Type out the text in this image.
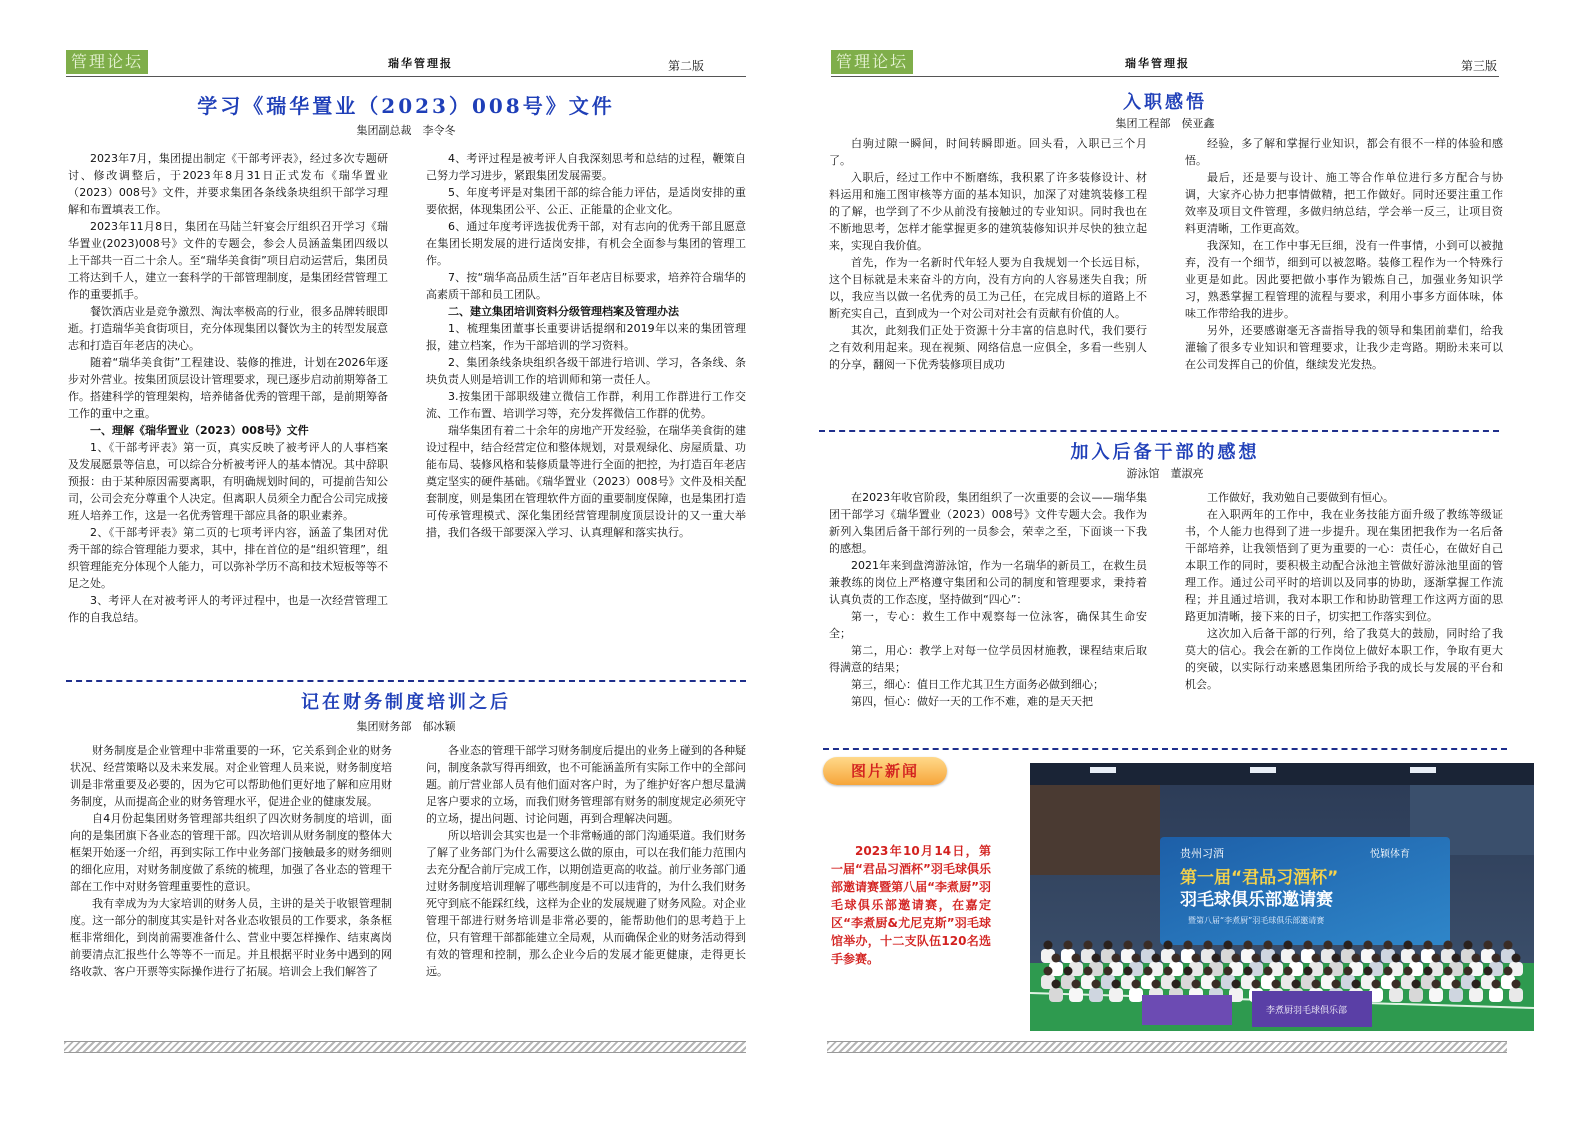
管理论坛	瑞华管理报	第二版
学习《瑞华置业（2023）008号》文件
集团副总裁　李令冬

2023年7月，集团提出制定《干部考评表》，经过多次专题研讨、修改调整后，于2023年8月31日正式发布《瑞华置业（2023）008号》文件，并要求集团各条线条块组织干部学习理解和布置填表工作。

2023年11月8日，集团在马陆兰轩宴会厅组织召开学习《瑞华置业(2023)008号》文件的专题会，参会人员涵盖集团四级以上干部共一百二十余人。至“瑞华美食街”项目启动运营后，集团员工将达到千人，建立一套科学的干部管理制度，是集团经营管理工作的重要抓手。

餐饮酒店业是竞争激烈、淘汰率极高的行业，很多品牌转眼即逝。打造瑞华美食街项目，充分体现集团以餐饮为主的转型发展意志和打造百年老店的决心。

随着“瑞华美食街”工程建设、装修的推进，计划在2026年逐步对外营业。按集团顶层设计管理要求，现已逐步启动前期筹备工作。搭建科学的管理架构，培养储备优秀的管理干部，是前期筹备工作的重中之重。

一、理解《瑞华置业（2023）008号》文件

1、《干部考评表》第一页，真实反映了被考评人的人事档案及发展愿景等信息，可以综合分析被考评人的基本情况。其中辞职预报：由于某种原因需要离职，有明确规划时间的，可提前告知公司，公司会充分尊重个人决定。但离职人员须全力配合公司完成接班人培养工作，这是一名优秀管理干部应具备的职业素养。

2、《干部考评表》第二页的七项考评内容，涵盖了集团对优秀干部的综合管理能力要求，其中，排在首位的是“组织管理”，组织管理能充分体现个人能力，可以弥补学历不高和技术短板等等不足之处。

3、考评人在对被考评人的考评过程中，也是一次经营管理工作的自我总结。

4、考评过程是被考评人自我深刻思考和总结的过程，鞭策自己努力学习进步，紧跟集团发展需要。

5、年度考评是对集团干部的综合能力评估，是适岗安排的重要依据，体现集团公平、公正、正能量的企业文化。

6、通过年度考评选拔优秀干部，对有志向的优秀干部且愿意在集团长期发展的进行适岗安排，有机会全面参与集团的管理工作。

7、按“瑞华高品质生活”百年老店目标要求，培养符合瑞华的高素质干部和员工团队。

二、建立集团培训资料分级管理档案及管理办法

1、梳理集团董事长重要讲话提纲和2019年以来的集团管理报，建立档案，作为干部培训的学习资料。

2、集团条线条块组织各级干部进行培训、学习，各条线、条块负责人则是培训工作的培训师和第一责任人。

3.按集团干部职级建立微信工作群，利用工作群进行工作交流、工作布置、培训学习等，充分发挥微信工作群的优势。

瑞华集团有着二十余年的房地产开发经验，在瑞华美食街的建设过程中，结合经营定位和整体规划，对景观绿化、房屋质量、功能布局、装修风格和装修质量等进行全面的把控，为打造百年老店奠定坚实的硬件基础。《瑞华置业（2023）008号》文件及相关配套制度，则是集团在管理软件方面的重要制度保障，也是集团打造可传承管理模式、深化集团经营管理制度顶层设计的又一重大举措，我们各级干部要深入学习、认真理解和落实执行。

记在财务制度培训之后
集团财务部　郁冰颖

财务制度是企业管理中非常重要的一环，它关系到企业的财务状况、经营策略以及未来发展。对企业管理人员来说，财务制度培训是非常重要及必要的，因为它可以帮助他们更好地了解和应用财务制度，从而提高企业的财务管理水平，促进企业的健康发展。

自4月份起集团财务管理部共组织了四次财务制度的培训，面向的是集团旗下各业态的管理干部。四次培训从财务制度的整体大框架开始逐一介绍，再到实际工作中业务部门接触最多的财务细则的细化应用，对财务制度做了系统的梳理，加强了各业态的管理干部在工作中对财务管理重要性的意识。

我有幸成为为大家培训的财务人员，主讲的是关于收银管理制度。这一部分的制度其实是针对各业态收银员的工作要求，条条框框非常细化，到岗前需要准备什么、营业中要怎样操作、结束离岗前要清点汇报些什么等等不一而足。并且根据平时业务中遇到的网络收款、客户开票等实际操作进行了拓展。培训会上我们解答了

各业态的管理干部学习财务制度后提出的业务上碰到的各种疑问，制度条款写得再细致，也不可能涵盖所有实际工作中的全部问题。前厅营业部人员有他们面对客户时，为了维护好客户想尽量满足客户要求的立场，而我们财务管理部有财务的制度规定必须死守的立场，提出问题、讨论问题，再到合理解决问题。

所以培训会其实也是一个非常畅通的部门沟通渠道。我们财务了解了业务部门为什么需要这么做的原由，可以在我们能力范围内去充分配合前厅完成工作，以期创造更高的收益。前厅业务部门通过财务制度培训理解了哪些制度是不可以违背的，为什么我们财务死守到底不能踩红线，这样为企业的发展规避了财务风险。对企业管理干部进行财务培训是非常必要的，能帮助他们的思考趋于上位，只有管理干部都能建立全局观，从而确保企业的财务活动得到有效的管理和控制，那么企业今后的发展才能更健康，走得更长远。

管理论坛	瑞华管理报	第三版
入职感悟
集团工程部　侯亚鑫

白驹过隙一瞬间，时间转瞬即逝。回头看，入职已三个月了。

入职后，经过工作中不断磨练，我积累了许多装修设计、材料运用和施工图审核等方面的基本知识，加深了对建筑装修工程的了解，也学到了不少从前没有接触过的专业知识。同时我也在不断地思考，怎样才能掌握更多的建筑装修知识并尽快的独立起来，实现自我价值。

首先，作为一名新时代年轻人要为自我规划一个长远目标，这个目标就是未来奋斗的方向，没有方向的人容易迷失自我；所以，我应当以做一名优秀的员工为己任，在完成目标的道路上不断充实自己，直到成为一个对公司对社会有贡献有价值的人。

其次，此刻我们正处于资源十分丰富的信息时代，我们要行之有效利用起来。现在视频、网络信息一应俱全，多看一些别人的分享，翻阅一下优秀装修项目成功

经验，多了解和掌握行业知识，都会有很不一样的体验和感悟。

最后，还是要与设计、施工等合作单位进行多方配合与协调，大家齐心协力把事情做精，把工作做好。同时还要注重工作效率及项目文件管理，多做归纳总结，学会举一反三，让项目资料更清晰，工作更高效。

我深知，在工作中事无巨细，没有一件事情，小到可以被抛弃，没有一个细节，细到可以被忽略。装修工程作为一个特殊行业更是如此。因此要把做小事作为锻炼自己，加强业务知识学习，熟悉掌握工程管理的流程与要求，利用小事多方面体味，体味工作带给我的进步。

另外，还要感谢毫无吝啬指导我的领导和集团前辈们，给我灌输了很多专业知识和管理要求，让我少走弯路。期盼未来可以在公司发挥自己的价值，继续发光发热。

加入后备干部的感想
游泳馆　董淑亮

在2023年收官阶段，集团组织了一次重要的会议——瑞华集团干部学习《瑞华置业（2023）008号》文件专题大会。我作为新列入集团后备干部行列的一员参会，荣幸之至，下面谈一下我的感想。

2021年来到盘湾游泳馆，作为一名瑞华的新员工，在救生员兼教练的岗位上严格遵守集团和公司的制度和管理要求，秉持着认真负责的工作态度，坚持做到“四心”：

第一，专心：救生工作中观察每一位泳客，确保其生命安全；

第二，用心：教学上对每一位学员因材施教，课程结束后取得满意的结果；

第三，细心：值日工作尤其卫生方面务必做到细心；

第四，恒心：做好一天的工作不难，难的是天天把

工作做好，我劝勉自己要做到有恒心。

在入职两年的工作中，我在业务技能方面升级了教练等级证书，个人能力也得到了进一步提升。现在集团把我作为一名后备干部培养，让我领悟到了更为重要的一心：责任心，在做好自己本职工作的同时，要积极主动配合泳池主管做好游泳池里面的管理工作。通过公司平时的培训以及同事的协助，逐渐掌握工作流程；并且通过培训，我对本职工作和协助管理工作这两方面的思路更加清晰，接下来的日子，切实把工作落实到位。

这次加入后备干部的行列，给了我莫大的鼓励，同时给了我莫大的信心。我会在新的工作岗位上做好本职工作，争取有更大的突破，以实际行动来感恩集团所给予我的成长与发展的平台和机会。

图片新闻
2023年10月14日，第一届“君品习酒杯”羽毛球俱乐部邀请赛暨第八届“李煮厨”羽毛球俱乐部邀请赛，在嘉定区“李煮厨&尤尼克斯”羽毛球馆举办，十二支队伍120名选手参赛。
贵州习酒	悦颖体育
第一届“君品习酒杯”
羽毛球俱乐部邀请赛
暨第八届“李煮厨”羽毛球俱乐部邀请赛
李煮厨羽毛球俱乐部
